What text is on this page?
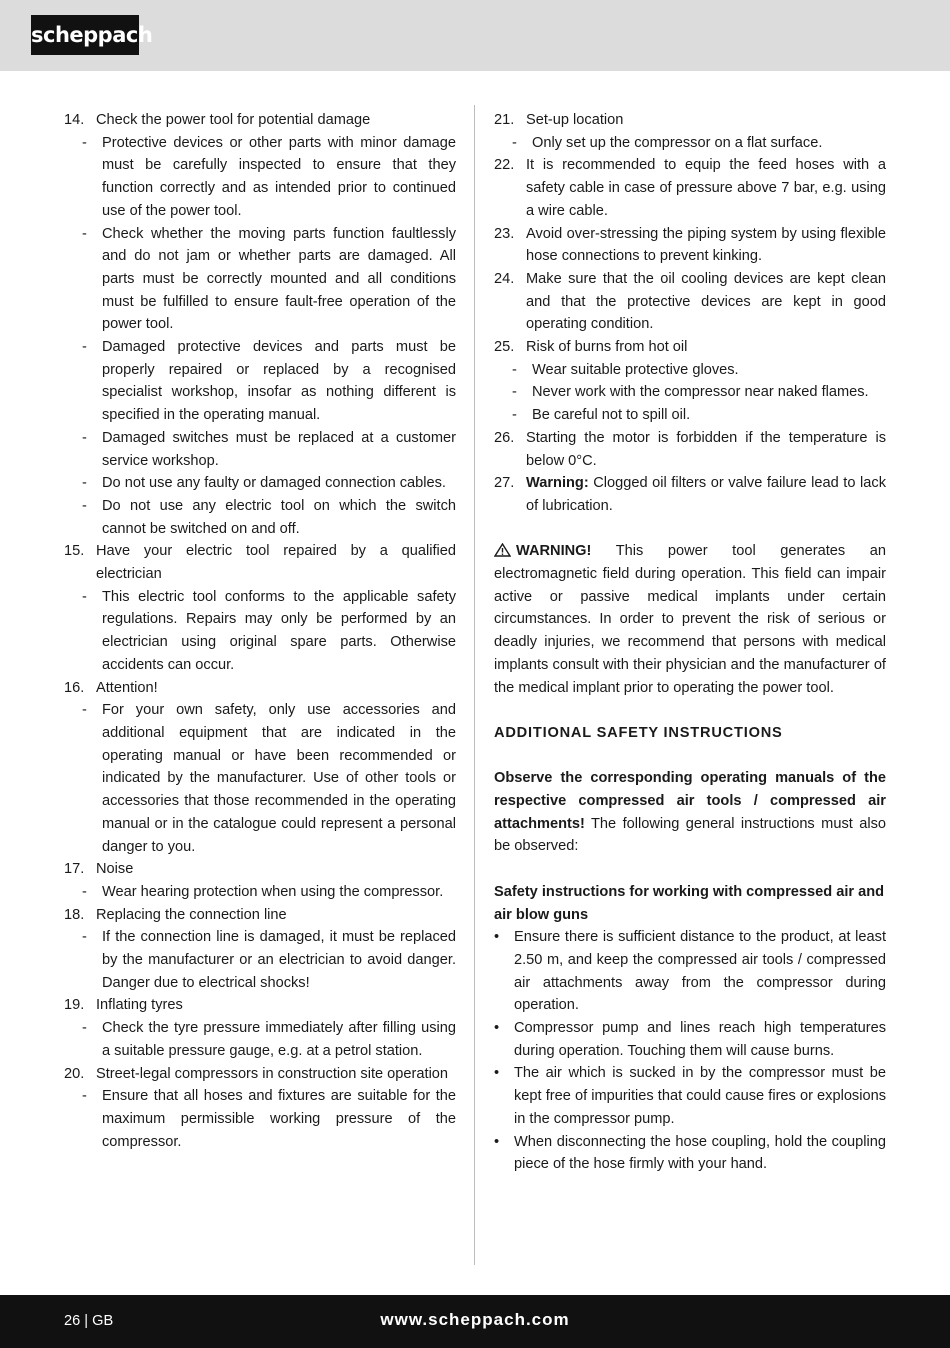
scheppach
14. Check the power tool for potential damage
-	Protective devices or other parts with minor damage must be carefully inspected to ensure that they function correctly and as intended prior to continued use of the power tool.
-	Check whether the moving parts function faultlessly and do not jam or whether parts are damaged. All parts must be correctly mounted and all conditions must be fulfilled to ensure fault-free operation of the power tool.
-	Damaged protective devices and parts must be properly repaired or replaced by a recognised specialist workshop, insofar as nothing different is specified in the operating manual.
-	Damaged switches must be replaced at a customer service workshop.
-	Do not use any faulty or damaged connection cables.
-	Do not use any electric tool on which the switch cannot be switched on and off.
15. Have your electric tool repaired by a qualified electrician
-	This electric tool conforms to the applicable safety regulations. Repairs may only be performed by an electrician using original spare parts. Otherwise accidents can occur.
16. Attention!
-	For your own safety, only use accessories and additional equipment that are indicated in the operating manual or have been recommended or indicated by the manufacturer. Use of other tools or accessories that those recommended in the operating manual or in the catalogue could represent a personal danger to you.
17. Noise
-	Wear hearing protection when using the compressor.
18. Replacing the connection line
-	If the connection line is damaged, it must be replaced by the manufacturer or an electrician to avoid danger. Danger due to electrical shocks!
19. Inflating tyres
-	Check the tyre pressure immediately after filling using a suitable pressure gauge, e.g. at a petrol station.
20. Street-legal compressors in construction site operation
-	Ensure that all hoses and fixtures are suitable for the maximum permissible working pressure of the compressor.
21. Set-up location
-	Only set up the compressor on a flat surface.
22. It is recommended to equip the feed hoses with a safety cable in case of pressure above 7 bar, e.g. using a wire cable.
23. Avoid over-stressing the piping system by using flexible hose connections to prevent kinking.
24. Make sure that the oil cooling devices are kept clean and that the protective devices are kept in good operating condition.
25. Risk of burns from hot oil
-	Wear suitable protective gloves.
-	Never work with the compressor near naked flames.
-	Be careful not to spill oil.
26. Starting the motor is forbidden if the temperature is below 0°C.
27. Warning: Clogged oil filters or valve failure lead to lack of lubrication.
WARNING! This power tool generates an electromagnetic field during operation. This field can impair active or passive medical implants under certain circumstances. In order to prevent the risk of serious or deadly injuries, we recommend that persons with medical implants consult with their physician and the manufacturer of the medical implant prior to operating the power tool.
ADDITIONAL SAFETY INSTRUCTIONS
Observe the corresponding operating manuals of the respective compressed air tools / compressed air attachments! The following general instructions must also be observed:
Safety instructions for working with compressed air and air blow guns
•	Ensure there is sufficient distance to the product, at least 2.50 m, and keep the compressed air tools / compressed air attachments away from the compressor during operation.
•	Compressor pump and lines reach high temperatures during operation. Touching them will cause burns.
•	The air which is sucked in by the compressor must be kept free of impurities that could cause fires or explosions in the compressor pump.
•	When disconnecting the hose coupling, hold the coupling piece of the hose firmly with your hand.
26 | GB	www.scheppach.com
